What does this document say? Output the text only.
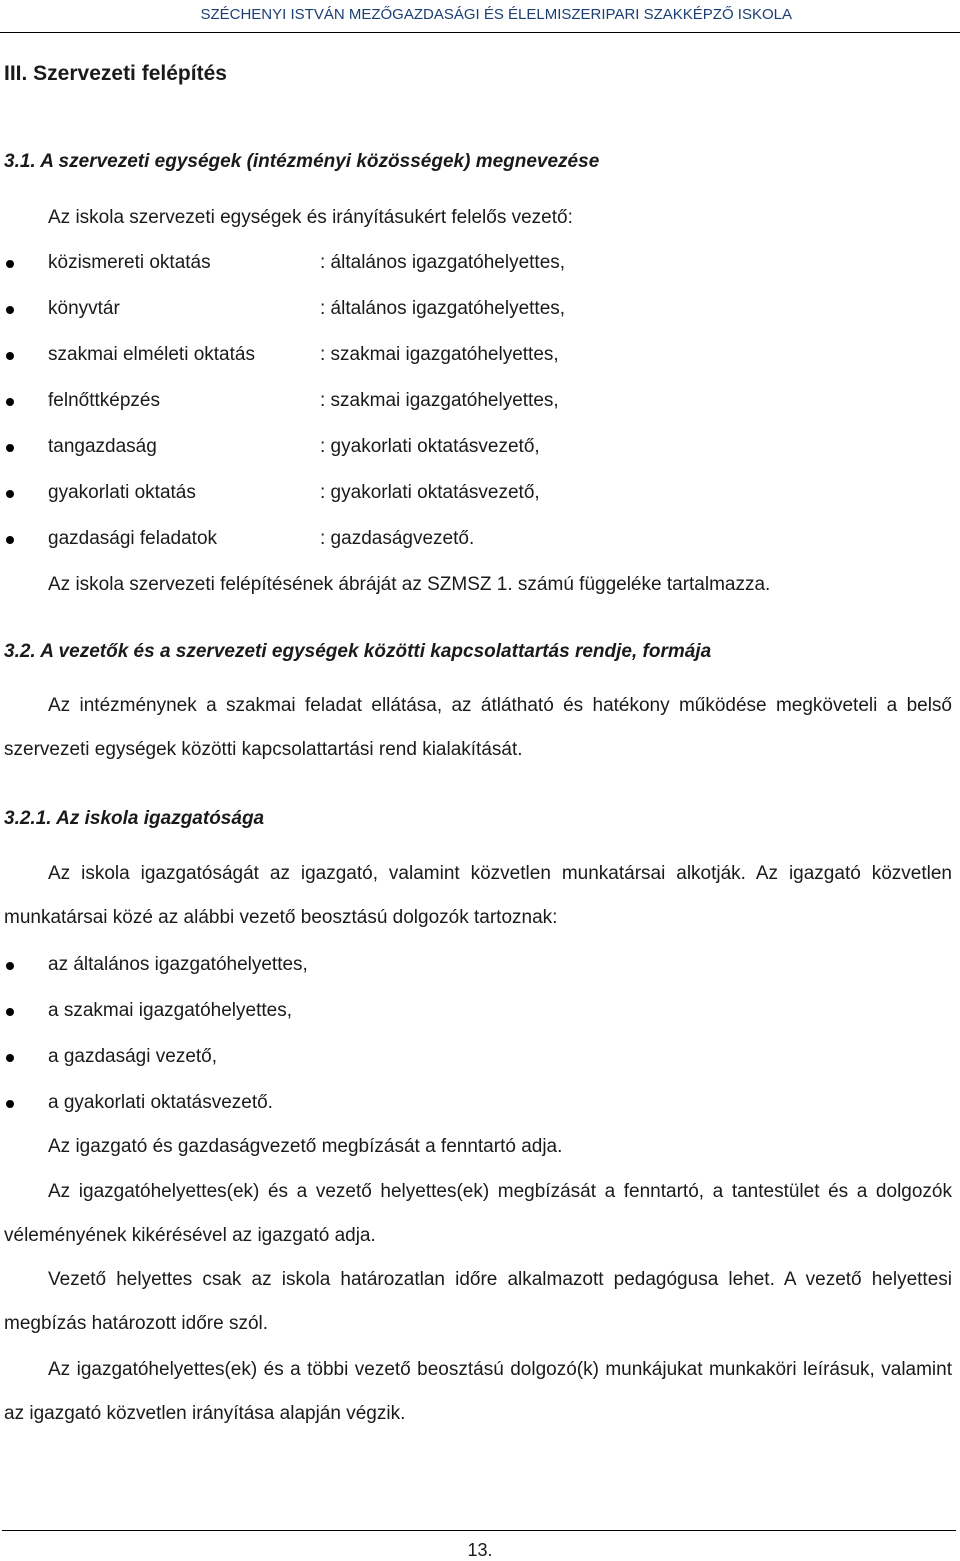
SZÉCHENYI ISTVÁN MEZŐGAZDASÁGI ÉS ÉLELMISZERIPARI SZAKKÉPZŐ ISKOLA
III. Szervezeti felépítés
3.1. A szervezeti egységek (intézményi közösségek) megnevezése

Az iskola szervezeti egységek és irányításukért felelős vezető:

közismereti oktatás	: általános igazgatóhelyettes,
könyvtár	: általános igazgatóhelyettes,
szakmai elméleti oktatás	: szakmai igazgatóhelyettes,
felnőttképzés	: szakmai igazgatóhelyettes,
tangazdaság	: gyakorlati oktatásvezető,
gyakorlati oktatás	: gyakorlati oktatásvezető,
gazdasági feladatok	: gazdaságvezető.

Az iskola szervezeti felépítésének ábráját az SZMSZ 1. számú függeléke tartalmazza.

3.2. A vezetők és a szervezeti egységek közötti kapcsolattartás rendje, formája

Az intézménynek a szakmai feladat ellátása, az átlátható és hatékony működése megköveteli a belső szervezeti egységek közötti kapcsolattartási rend kialakítását.

3.2.1. Az iskola igazgatósága

Az iskola igazgatóságát az igazgató, valamint közvetlen munkatársai alkotják. Az igazgató közvetlen munkatársai közé az alábbi vezető beosztású dolgozók tartoznak:

az általános igazgatóhelyettes,
a szakmai igazgatóhelyettes,
a gazdasági vezető,
a gyakorlati oktatásvezető.

Az igazgató és gazdaságvezető megbízását a fenntartó adja.

Az igazgatóhelyettes(ek) és a vezető helyettes(ek) megbízását a fenntartó, a tantestület és a dolgozók véleményének kikérésével az igazgató adja.

Vezető helyettes csak az iskola határozatlan időre alkalmazott pedagógusa lehet. A vezető helyettesi megbízás határozott időre szól.

Az igazgatóhelyettes(ek) és a többi vezető beosztású dolgozó(k) munkájukat munkaköri leírásuk, valamint az igazgató közvetlen irányítása alapján végzik.

13.
